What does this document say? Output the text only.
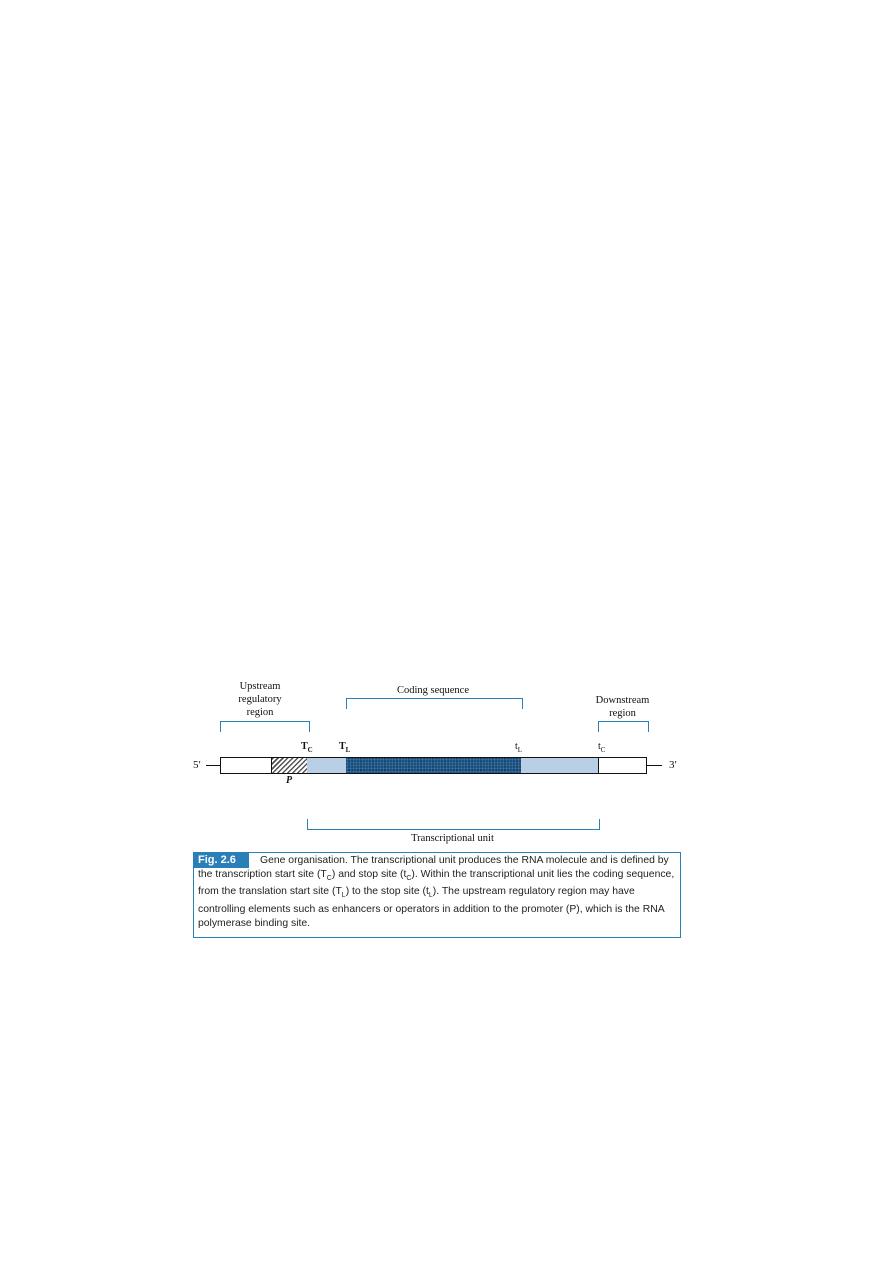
Upstream
regulatory
region
Coding sequence
Downstream
region
$T_C$	$T_L$	$t_L$	$t_C$
5′	3′
P
Transcriptional unit
Fig. 2.6	Gene organisation. The transcriptional unit produces the RNA molecule and is defined by the transcription start site $(T_C)$ and stop site $(t_C)$. Within the transcriptional unit lies the coding sequence, from the translation start site $(T_L)$ to the stop site $(t_L)$. The upstream regulatory region may have controlling elements such as enhancers or operators in addition to the promoter (P), which is the RNA polymerase binding site.
